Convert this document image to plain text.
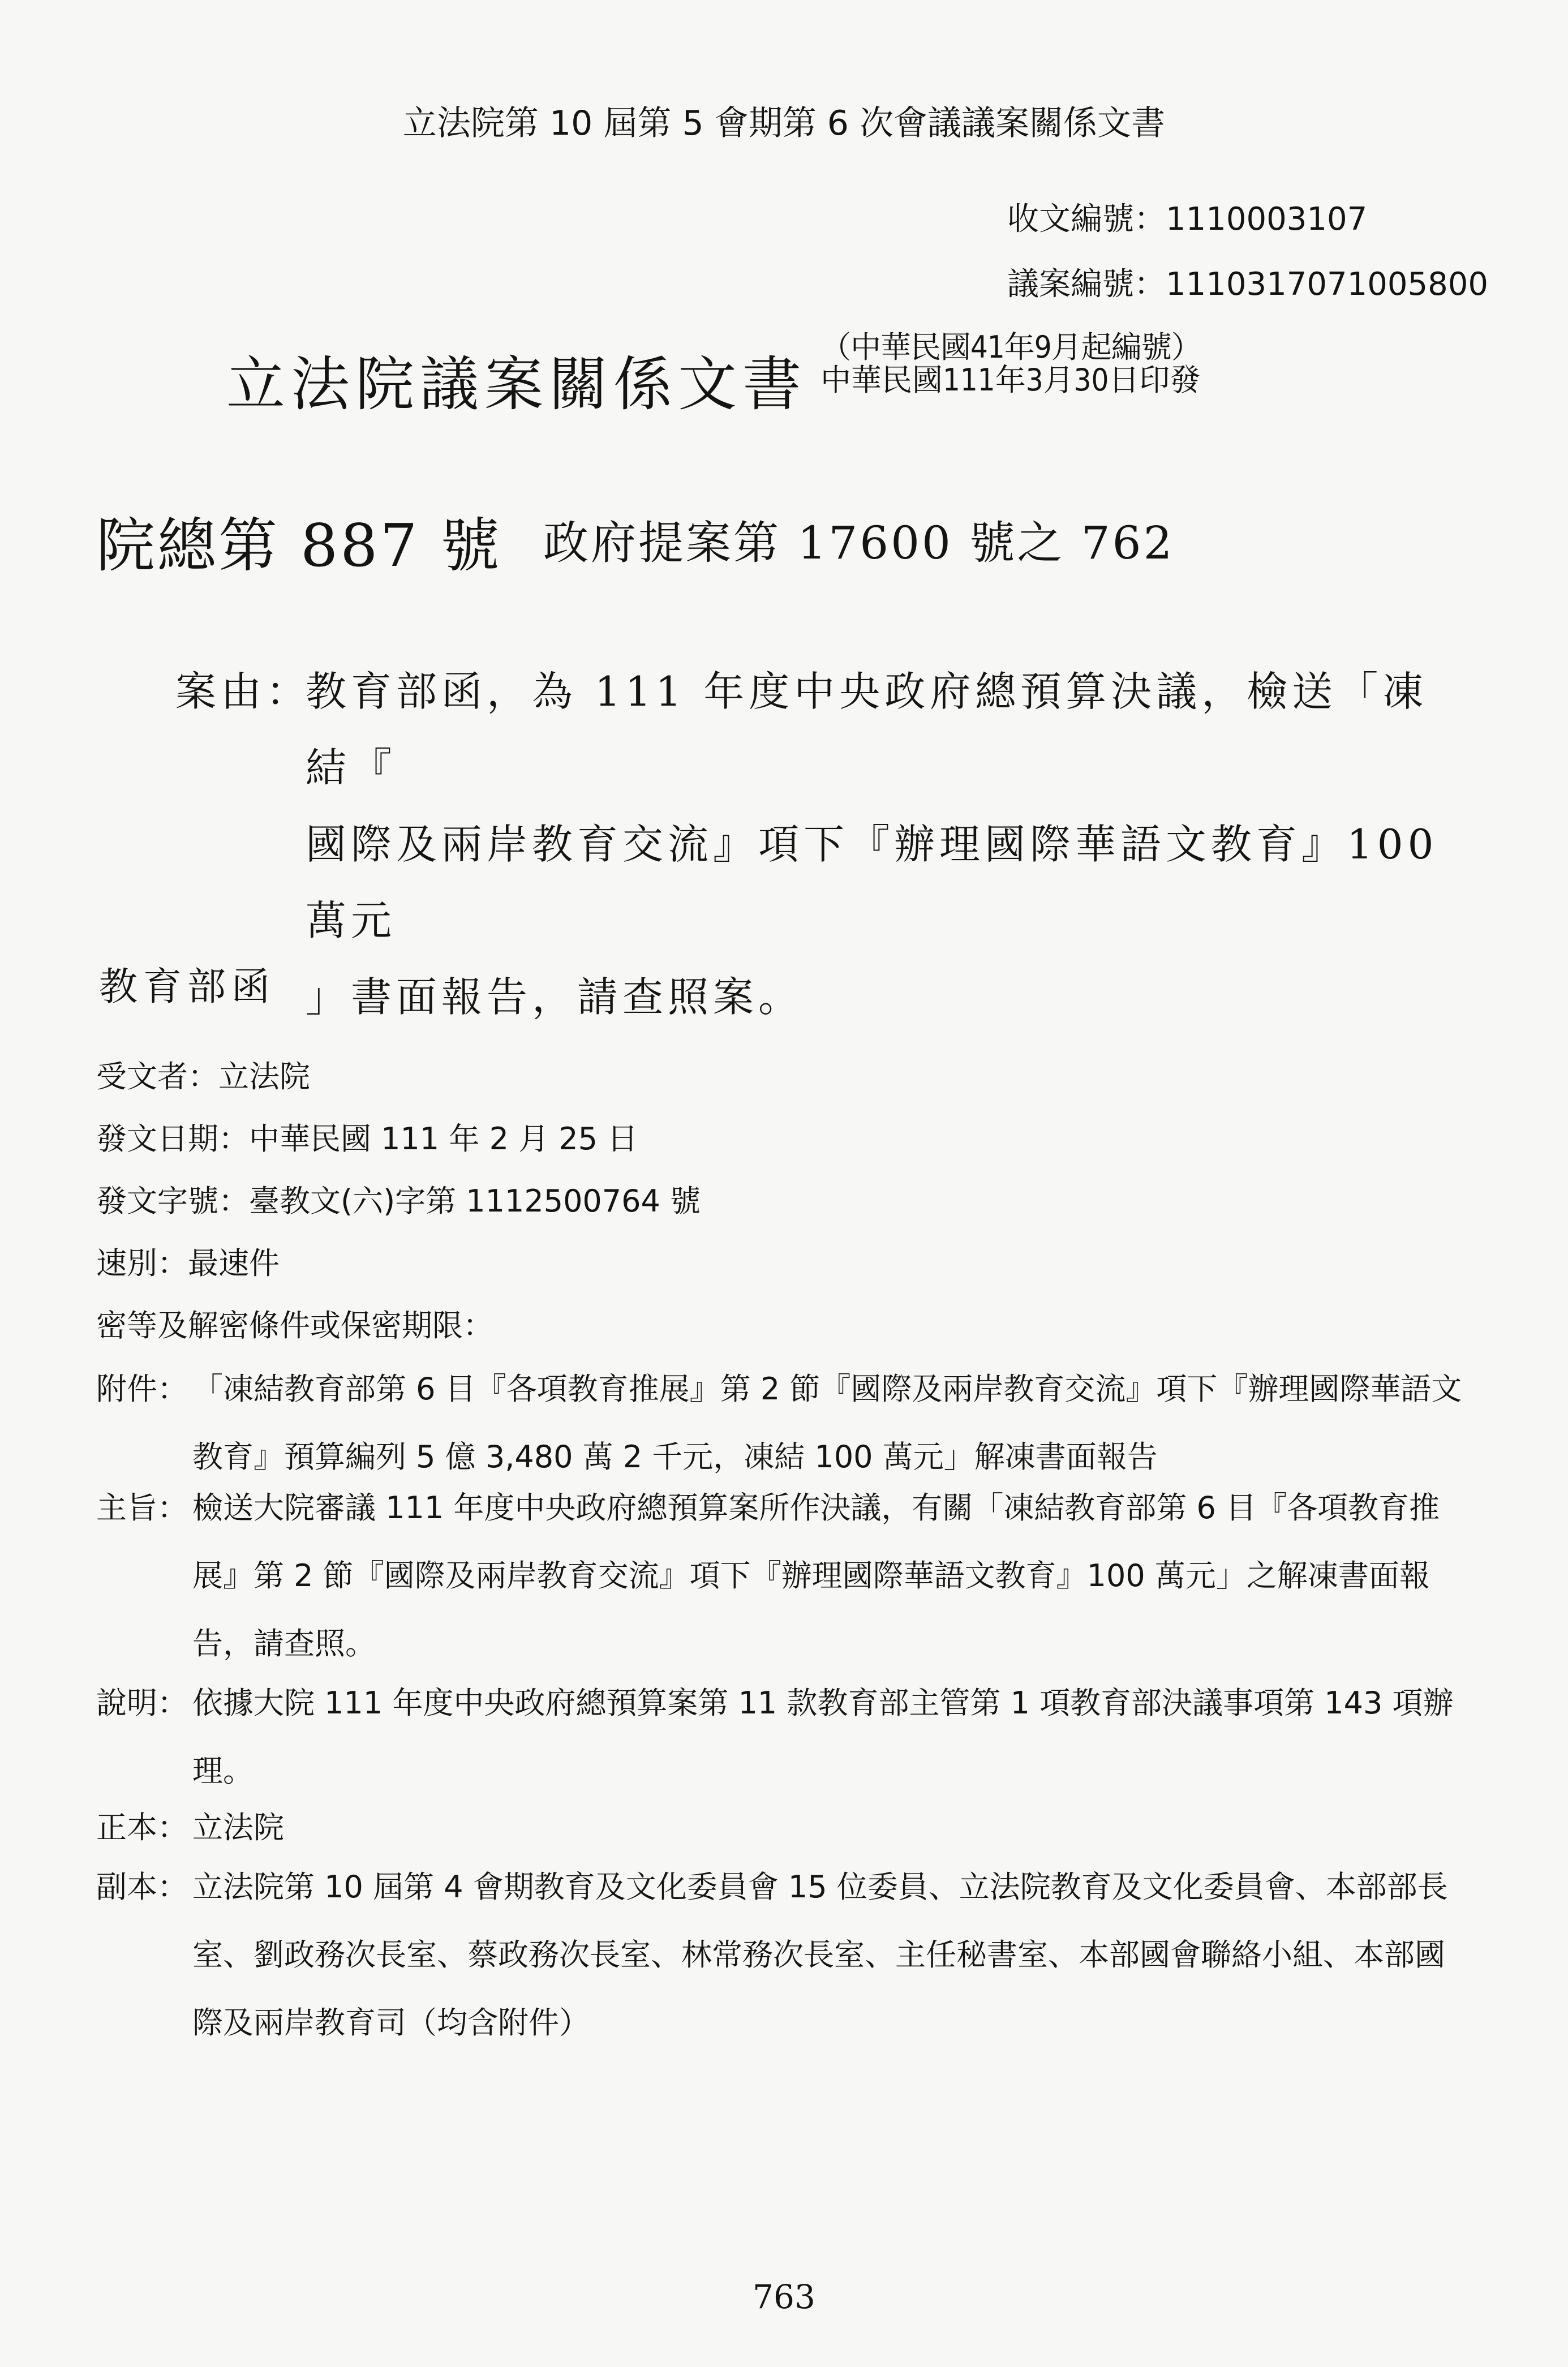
立法院第 10 屆第 5 會期第 6 次會議議案關係文書
收文編號：1110003107
議案編號：1110317071005800
立法院議案關係文書
（中華民國41年9月起編號）
中華民國111年3月30日印發
院總第 887 號 政府提案第 17600 號之 762
案由：
教育部函，為 111 年度中央政府總預算決議，檢送「凍結『
國際及兩岸教育交流』項下『辦理國際華語文教育』100 萬元
」書面報告，請查照案。
教育部函
受文者：立法院
發文日期：中華民國 111 年 2 月 25 日
發文字號：臺教文(六)字第 1112500764 號
速別：最速件
密等及解密條件或保密期限：
附件： 「凍結教育部第 6 目『各項教育推展』第 2 節『國際及兩岸教育交流』項下『辦理國際華語文教育』預算編列 5 億 3,480 萬 2 千元，凍結 100 萬元」解凍書面報告
主旨： 檢送大院審議 111 年度中央政府總預算案所作決議，有關「凍結教育部第 6 目『各項教育推展』第 2 節『國際及兩岸教育交流』項下『辦理國際華語文教育』100 萬元」之解凍書面報告，請查照。
說明： 依據大院 111 年度中央政府總預算案第 11 款教育部主管第 1 項教育部決議事項第 143 項辦理。
正本： 立法院
副本： 立法院第 10 屆第 4 會期教育及文化委員會 15 位委員、立法院教育及文化委員會、本部部長室、劉政務次長室、蔡政務次長室、林常務次長室、主任秘書室、本部國會聯絡小組、本部國際及兩岸教育司（均含附件）
763
